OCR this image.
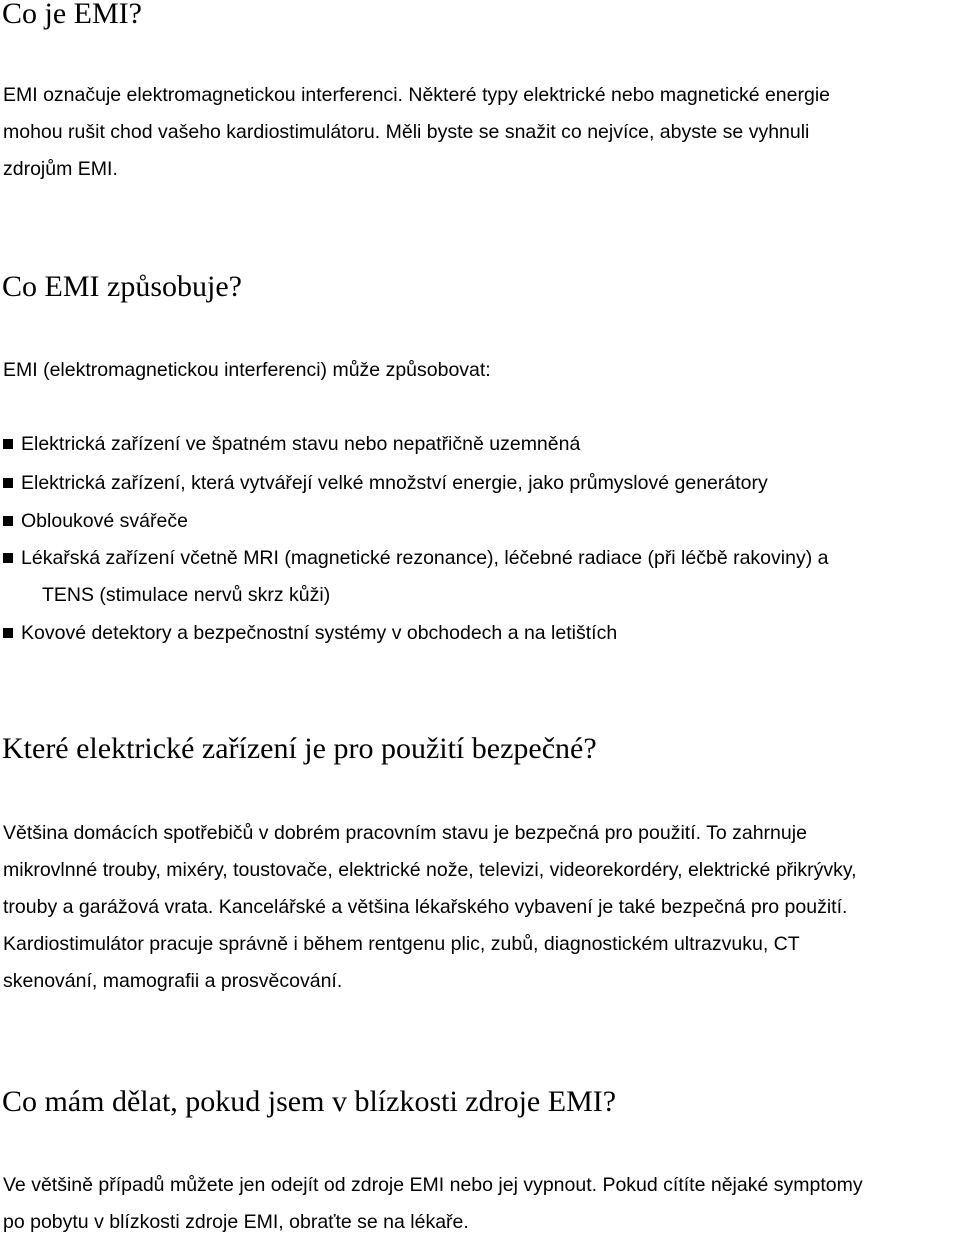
Co je EMI?
EMI označuje elektromagnetickou interferenci. Některé typy elektrické nebo magnetické energie
mohou rušit chod vašeho kardiostimulátoru. Měli byste se snažit co nejvíce, abyste se vyhnuli
zdrojům EMI.
Co EMI způsobuje?
EMI (elektromagnetickou interferenci) může způsobovat:
Elektrická zařízení ve špatném stavu nebo nepatřičně uzemněná
Elektrická zařízení, která vytvářejí velké množství energie, jako průmyslové generátory
Obloukové svářeče
Lékařská zařízení včetně MRI (magnetické rezonance), léčebné radiace (při léčbě rakoviny) a
TENS (stimulace nervů skrz kůži)
Kovové detektory a bezpečnostní systémy v obchodech a na letištích
Které elektrické zařízení je pro použití bezpečné?
Většina domácích spotřebičů v dobrém pracovním stavu je bezpečná pro použití. To zahrnuje
mikrovlnné trouby, mixéry, toustovače, elektrické nože, televizi, videorekordéry, elektrické přikrývky,
trouby a garážová vrata. Kancelářské a většina lékařského vybavení je také bezpečná pro použití.
Kardiostimulátor pracuje správně i během rentgenu plic, zubů, diagnostickém ultrazvuku, CT
skenování, mamografii a prosvěcování.
Co mám dělat, pokud jsem v blízkosti zdroje EMI?
Ve většině případů můžete jen odejít od zdroje EMI nebo jej vypnout. Pokud cítíte nějaké symptomy
po pobytu v blízkosti zdroje EMI, obraťte se na lékaře.
